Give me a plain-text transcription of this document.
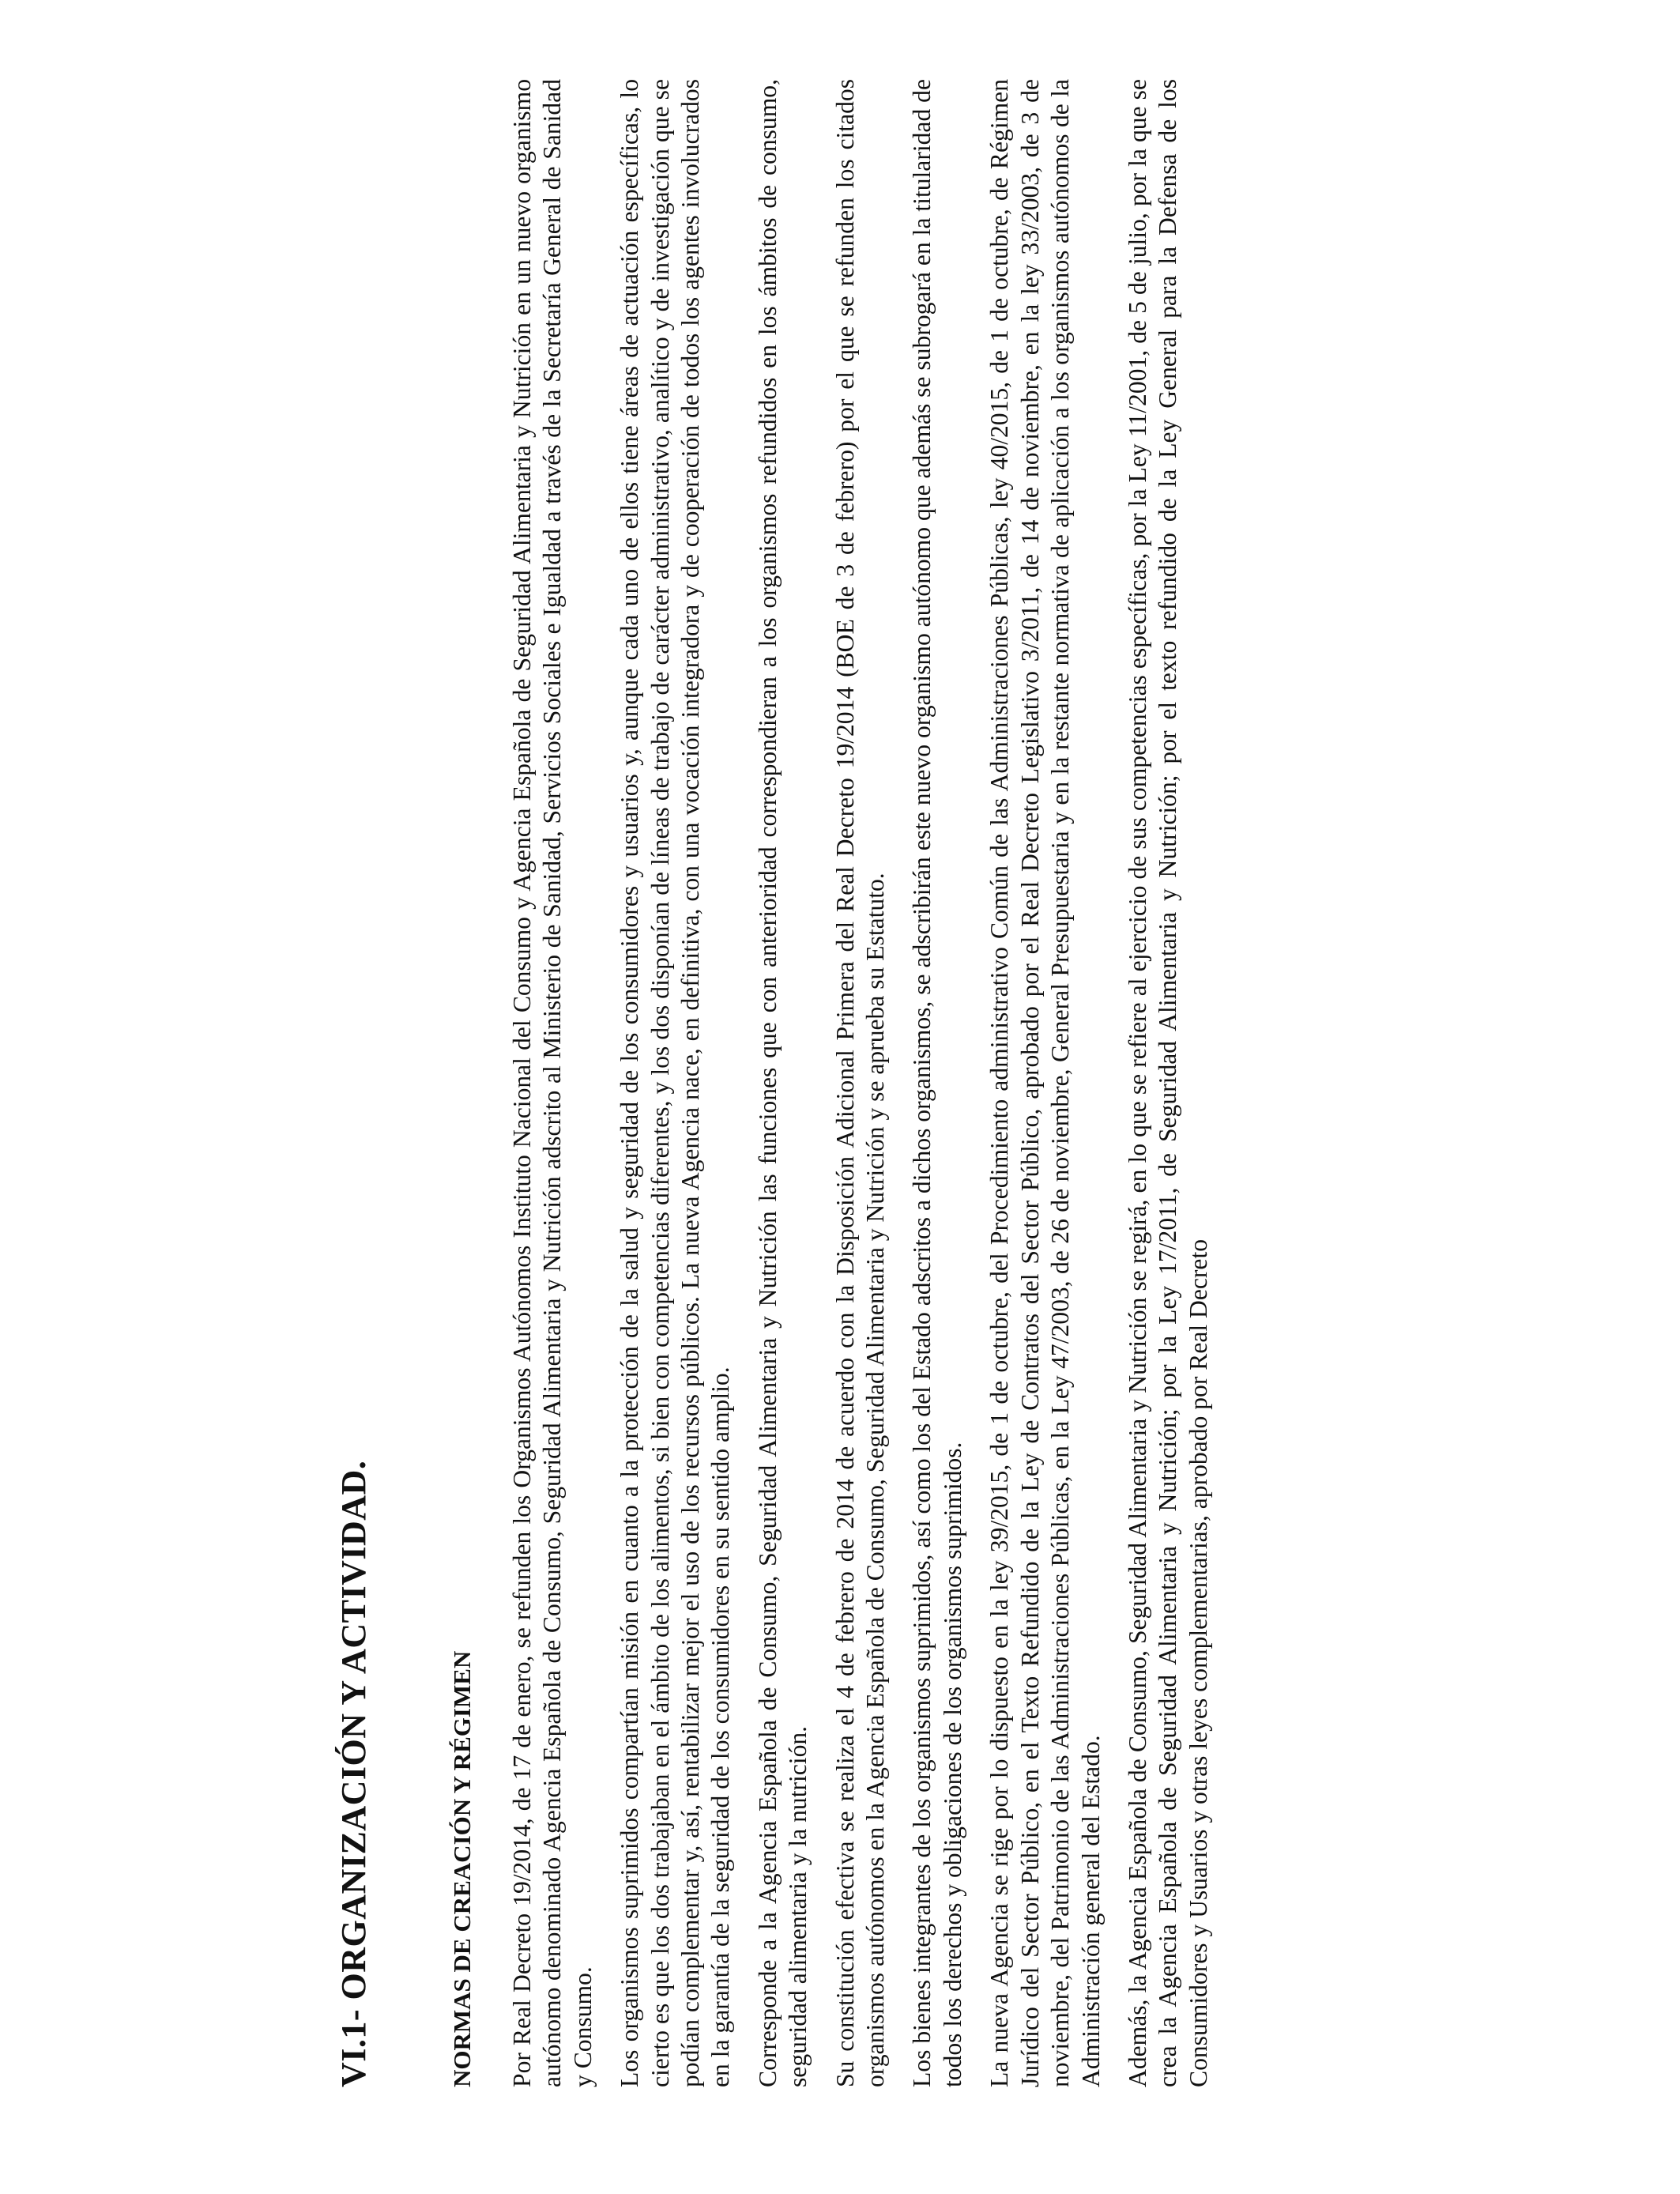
VI.1- ORGANIZACIÓN Y ACTIVIDAD.	NORMAS DE CREACIÓN Y RÉGIMEN Por Real Decreto 19/2014, de 17 de enero, se refunden los Organismos Autónomos Instituto Nacional del Consumo y Agencia Española de Seguridad Alimentaria y Nutrición en un nuevo organismo autónomo denominado Agencia Española de Consumo, Seguridad Alimentaria y Nutrición adscrito al Ministerio de Sanidad, Servicios Sociales e Igualdad a través de la Secretaría General de Sanidad y Consumo. Los organismos suprimidos compartían misión en cuanto a la protección de la salud y seguridad de los consumidores y usuarios y, aunque cada uno de ellos tiene áreas de actuación específicas, lo cierto es que los dos trabajaban en el ámbito de los alimentos, si bien con competencias diferentes, y los dos disponían de líneas de trabajo de carácter administrativo, analítico y de investigación que se podían complementar y, así, rentabilizar mejor el uso de los recursos públicos. La nueva Agencia nace, en definitiva, con una vocación integradora y de cooperación de todos los agentes involucrados en la garantía de la seguridad de los consumidores en su sentido amplio. Corresponde a la Agencia Española de Consumo, Seguridad Alimentaria y Nutrición las funciones que con anterioridad correspondieran a los organismos refundidos en los ámbitos de consumo, seguridad alimentaria y la nutrición. Su constitución efectiva se realiza el 4 de febrero de 2014 de acuerdo con la Disposición Adicional Primera del Real Decreto 19/2014 (BOE de 3 de febrero) por el que se refunden los citados organismos autónomos en la Agencia Española de Consumo, Seguridad Alimentaria y Nutrición y se aprueba su Estatuto. Los bienes integrantes de los organismos suprimidos, así como los del Estado adscritos a dichos organismos, se adscribirán este nuevo organismo autónomo que además se subrogará en la titularidad de todos los derechos y obligaciones de los organismos suprimidos. La nueva Agencia se rige por lo dispuesto en la ley 39/2015, de 1 de octubre, del Procedimiento administrativo Común de las Administraciones Públicas, ley 40/2015, de 1 de octubre, de Régimen Jurídico del Sector Público, en el Texto Refundido de la Ley de Contratos del Sector Público, aprobado por el Real Decreto Legislativo 3/2011, de 14 de noviembre, en la ley 33/2003, de 3 de noviembre, del Patrimonio de las Administraciones Públicas, en la Ley 47/2003, de 26 de noviembre, General Presupuestaria y en la restante normativa de aplicación a los organismos autónomos de la Administración general del Estado. Además, la Agencia Española de Consumo, Seguridad Alimentaria y Nutrición se regirá, en lo que se refiere al ejercicio de sus competencias específicas, por la Ley 11/2001, de 5 de julio, por la que se crea la Agencia Española de Seguridad Alimentaria y Nutrición; por la Ley 17/2011, de Seguridad Alimentaria y Nutrición; por el texto refundido de la Ley General para la Defensa de los Consumidores y Usuarios y otras leyes complementarias, aprobado por Real Decreto
